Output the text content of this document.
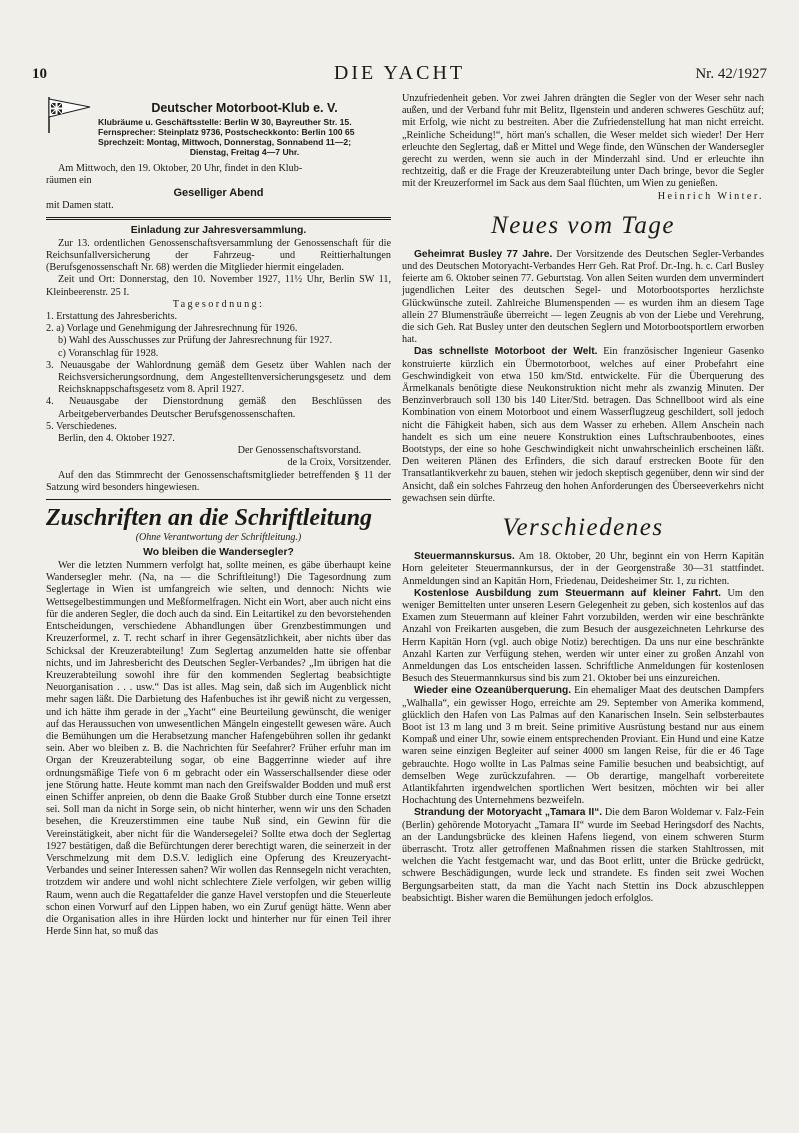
10	DIE YACHT	Nr. 42/1927
Deutscher Motorboot-Klub e. V.
Klubräume u. Geschäftsstelle: Berlin W 30, Bayreuther Str. 15.
Fernsprecher: Steinplatz 9736, Postscheckkonto: Berlin 100 65
Sprechzeit: Montag, Mittwoch, Donnerstag, Sonnabend 11—2;
Dienstag, Freitag 4—7 Uhr.
Am Mittwoch, den 19. Oktober, 20 Uhr, findet in den Klub-
räumen ein
Geselliger Abend
mit Damen statt.
Einladung zur Jahresversammlung.

Zur 13. ordentlichen Genossenschaftsversammlung der Genossenschaft für die Reichsunfallversicherung der Fahrzeug- und Reittierhaltungen (Berufsgenossenschaft Nr. 68) werden die Mitglieder hiermit eingeladen.

Zeit und Ort: Donnerstag, den 10. November 1927, 11½ Uhr, Berlin SW 11, Kleinbeerenstr. 25 I.

Tagesordnung:

1. Erstattung des Jahresberichts.

2. a) Vorlage und Genehmigung der Jahresrechnung für 1926.

b) Wahl des Ausschusses zur Prüfung der Jahresrechnung für 1927.

c) Voranschlag für 1928.

3. Neuausgabe der Wahlordnung gemäß dem Gesetz über Wahlen nach der Reichsversicherungsordnung, dem Angestelltenversicherungsgesetz und dem Reichsknappschaftsgesetz vom 8. April 1927.

4. Neuausgabe der Dienstordnung gemäß den Beschlüssen des Arbeitgeberverbandes Deutscher Berufsgenossenschaften.

5. Verschiedenes.

Berlin, den 4. Oktober 1927.

Der Genossenschaftsvorstand.

de la Croix, Vorsitzender.

Auf den das Stimmrecht der Genossenschaftsmitglieder betreffenden § 11 der Satzung wird besonders hingewiesen.

Zuschriften an die Schriftleitung
(Ohne Verantwortung der Schriftleitung.)
Wo bleiben die Wandersegler?

Wer die letzten Nummern verfolgt hat, sollte meinen, es gäbe überhaupt keine Wandersegler mehr. (Na, na — die Schriftleitung!) Die Tagesordnung zum Seglertage in Wien ist umfangreich wie selten, und dennoch: Nichts wie Wettsegelbestimmungen und Meßformelfragen. Nicht ein Wort, aber auch nicht eins für die anderen Segler, die doch auch da sind. Ein Leitartikel zu den bevorstehenden Entscheidungen, verschiedene Abhandlungen über Grenzbestimmungen und Kreuzerformel, z. T. recht scharf in ihrer Gegensätzlichkeit, aber nichts über das Schicksal der Kreuzerabteilung! Zum Seglertag anzumelden hatte sie offenbar nichts, und im Jahresbericht des Deutschen Segler-Verbandes? „Im übrigen hat die Kreuzerabteilung sowohl ihre für den kommenden Seglertag beabsichtigte Neuorganisation . . . usw.“ Das ist alles. Mag sein, daß sich im Augenblick nicht mehr sagen läßt. Die Darbietung des Hafenbuches ist ihr gewiß nicht zu vergessen, und ich hätte ihm gerade in der „Yacht“ eine Beurteilung gewünscht, die weniger auf das Heraussuchen von unwesentlichen Mängeln eingestellt gewesen wäre. Auch die Bemühungen um die Herabsetzung mancher Hafengebühren sollen ihr gedankt sein. Aber wo bleiben z. B. die Nachrichten für Seefahrer? Früher erfuhr man im Organ der Kreuzerabteilung sogar, ob eine Baggerrinne wieder auf ihre ordnungsmäßige Tiefe von 6 m gebracht oder ein Wasserschallsender diese oder jene Störung hatte. Heute kommt man nach den Greifswalder Bodden und muß erst einen Schiffer anpreien, ob denn die Baake Groß Stubber durch eine Tonne ersetzt sei. Soll man da nicht in Sorge sein, ob nicht hinterher, wenn wir uns den Schaden besehen, die Kreuzerstimmen eine taube Nuß sind, ein Gewinn für die Vereinstätigkeit, aber nicht für die Wandersegelei? Sollte etwa doch der Seglertag 1927 bestätigen, daß die Befürchtungen derer berechtigt waren, die seinerzeit in der Verschmelzung mit dem D.S.V. lediglich eine Opferung des Kreuzeryacht-Verbandes und seiner Interessen sahen? Wir wollen das Rennsegeln nicht verachten, trotzdem wir andere und wohl nicht schlechtere Ziele verfolgen, wir geben willig Raum, wenn auch die Regattafelder die ganze Havel verstopfen und die Steuerleute schon einen Vorwurf auf den Lippen haben, wo ein Zuruf genügt hätte. Wenn aber die Organisation alles in ihre Hürden lockt und hinterher nur für einen Teil ihrer Herde Sinn hat, so muß das

Unzufriedenheit geben. Vor zwei Jahren drängten die Segler von der Weser sehr nach außen, und der Verband fuhr mit Belitz, Ilgenstein und anderen schweres Geschütz auf; mit Erfolg, wie nicht zu bestreiten. Aber die Zufriedenstellung hat man nicht erreicht. „Reinliche Scheidung!“, hört man's schallen, die Weser meldet sich wieder! Der Herr erleuchte den Seglertag, daß er Mittel und Wege finde, den Wünschen der Wandersegler gerecht zu werden, wenn sie auch in der Minderzahl sind. Und er erleuchte ihn rechtzeitig, daß er die Frage der Kreuzerabteilung unter Dach bringe, bevor die Segler mit der Kreuzerformel im Sack aus dem Saal flüchten, um Wien zu genießen.

Heinrich Winter.

Neues vom Tage

Geheimrat Busley 77 Jahre. Der Vorsitzende des Deutschen Segler-Verbandes und des Deutschen Motoryacht-Verbandes Herr Geh. Rat Prof. Dr.-Ing. h. c. Carl Busley feierte am 6. Oktober seinen 77. Geburtstag. Von allen Seiten wurden dem unvermindert jugendlichen Leiter des deutschen Segel- und Motorbootsportes herzlichste Glückwünsche zuteil. Zahlreiche Blumenspenden — es wurden ihm an diesem Tage allein 27 Blumensträuße überreicht — legen Zeugnis ab von der Liebe und Verehrung, die sich Geh. Rat Busley unter den deutschen Seglern und Motorbootsportlern erworben hat.

Das schnellste Motorboot der Welt. Ein französischer Ingenieur Gasenko konstruierte kürzlich ein Übermotorboot, welches auf einer Probefahrt eine Geschwindigkeit von etwa 150 km/Std. entwickelte. Für die Überquerung des Ärmelkanals benötigte diese Neukonstruktion nicht mehr als zwanzig Minuten. Der Benzinverbrauch soll 130 bis 140 Liter/Std. betragen. Das Schnellboot wird als eine Kombination von einem Motorboot und einem Wasserflugzeug geschildert, soll jedoch nicht die Fähigkeit haben, sich aus dem Wasser zu erheben. Allem Anschein nach handelt es sich um eine neuere Konstruktion eines Luftschraubenbootes, eines Bootstyps, der eine so hohe Geschwindigkeit nicht unwahrscheinlich erscheinen läßt. Den weiteren Plänen des Erfinders, die sich darauf erstrecken Boote für den Transatlantikverkehr zu bauen, stehen wir jedoch skeptisch gegenüber, denn wir sind der Ansicht, daß ein solches Fahrzeug den hohen Anforderungen des Überseeverkehrs nicht gewachsen sein dürfte.

Verschiedenes

Steuermannskursus. Am 18. Oktober, 20 Uhr, beginnt ein von Herrn Kapitän Horn geleiteter Steuermannkursus, der in der Georgenstraße 30—31 stattfindet. Anmeldungen sind an Kapitän Horn, Friedenau, Deidesheimer Str. 1, zu richten.

Kostenlose Ausbildung zum Steuermann auf kleiner Fahrt. Um den weniger Bemittelten unter unseren Lesern Gelegenheit zu geben, sich kostenlos auf das Examen zum Steuermann auf kleiner Fahrt vorzubilden, werden wir eine beschränkte Anzahl von Freikarten ausgeben, die zum Besuch der ausgezeichneten Lehrkurse des Herrn Kapitän Horn (vgl. auch obige Notiz) berechtigen. Da uns nur eine beschränkte Anzahl Karten zur Verfügung stehen, werden wir unter einer zu großen Anzahl von Anmeldungen das Los entscheiden lassen. Schriftliche Anmeldungen für kostenlosen Besuch des Steuermannkursus sind bis zum 21. Oktober bei uns einzureichen.

Wieder eine Ozeanüberquerung. Ein ehemaliger Maat des deutschen Dampfers „Walhalla“, ein gewisser Hogo, erreichte am 29. September von Amerika kommend, glücklich den Hafen von Las Palmas auf den Kanarischen Inseln. Sein selbsterbautes Boot ist 13 m lang und 3 m breit. Seine primitive Ausrüstung bestand nur aus einem Kompaß und einer Uhr, sowie einem entsprechenden Proviant. Ein Hund und eine Katze waren seine einzigen Begleiter auf seiner 4000 sm langen Reise, für die er 46 Tage gebrauchte. Hogo wollte in Las Palmas seine Familie besuchen und beabsichtigt, auf demselben Wege zurückzufahren. — Ob derartige, mangelhaft vorbereitete Atlantikfahrten irgendwelchen sportlichen Wert besitzen, möchten wir bei aller Hochachtung des Unternehmens bezweifeln.

Strandung der Motoryacht „Tamara II“. Die dem Baron Woldemar v. Falz-Fein (Berlin) gehörende Motoryacht „Tamara II“ wurde im Seebad Heringsdorf des Nachts, an der Landungsbrücke des kleinen Hafens liegend, von einem schweren Sturm überrascht. Trotz aller getroffenen Maßnahmen rissen die starken Stahltrossen, mit welchen die Yacht festgemacht war, und das Boot erlitt, unter die Brücke gedrückt, schwere Beschädigungen, wurde leck und strandete. Es finden seit zwei Wochen Bergungsarbeiten statt, da man die Yacht nach Stettin ins Dock abzuschleppen beabsichtigt. Bisher waren die Bemühungen jedoch erfolglos.
